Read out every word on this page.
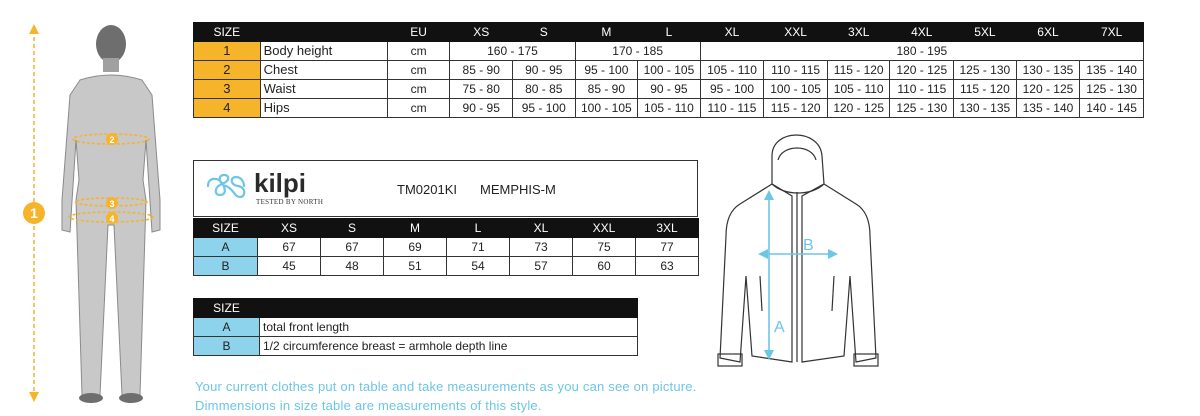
1
2
3
4
SIZE		EU	XS	S	M	L	XL	XXL	3XL	4XL	5XL	6XL	7XL
1	Body height	cm	160 - 175		170 - 185		180 - 195						
2	Chest	cm	85 - 90	90 - 95	95 - 100	100 - 105	105 - 110	110 - 115	115 - 120	120 - 125	125 - 130	130 - 135	135 - 140
3	Waist	cm	75 - 80	80 - 85	85 - 90	90 - 95	95 - 100	100 - 105	105 - 110	110 - 115	115 - 120	120 - 125	125 - 130
4	Hips	cm	90 - 95	95 - 100	100 - 105	105 - 110	110 - 115	115 - 120	120 - 125	125 - 130	130 - 135	135 - 140	140 - 145
kilpi
TESTED BY NORTH
TM0201KI MEMPHIS-M
SIZE	XS	S	M	L	XL	XXL	3XL
A	67	67	69	71	73	75	77
B	45	48	51	54	57	60	63
SIZE	
A	total front length
B	1/2 circumference breast = armhole depth line
A
B
Your current clothes put on table and take measurements as you can see on picture.
Dimmensions in size table are measurements of this style.
